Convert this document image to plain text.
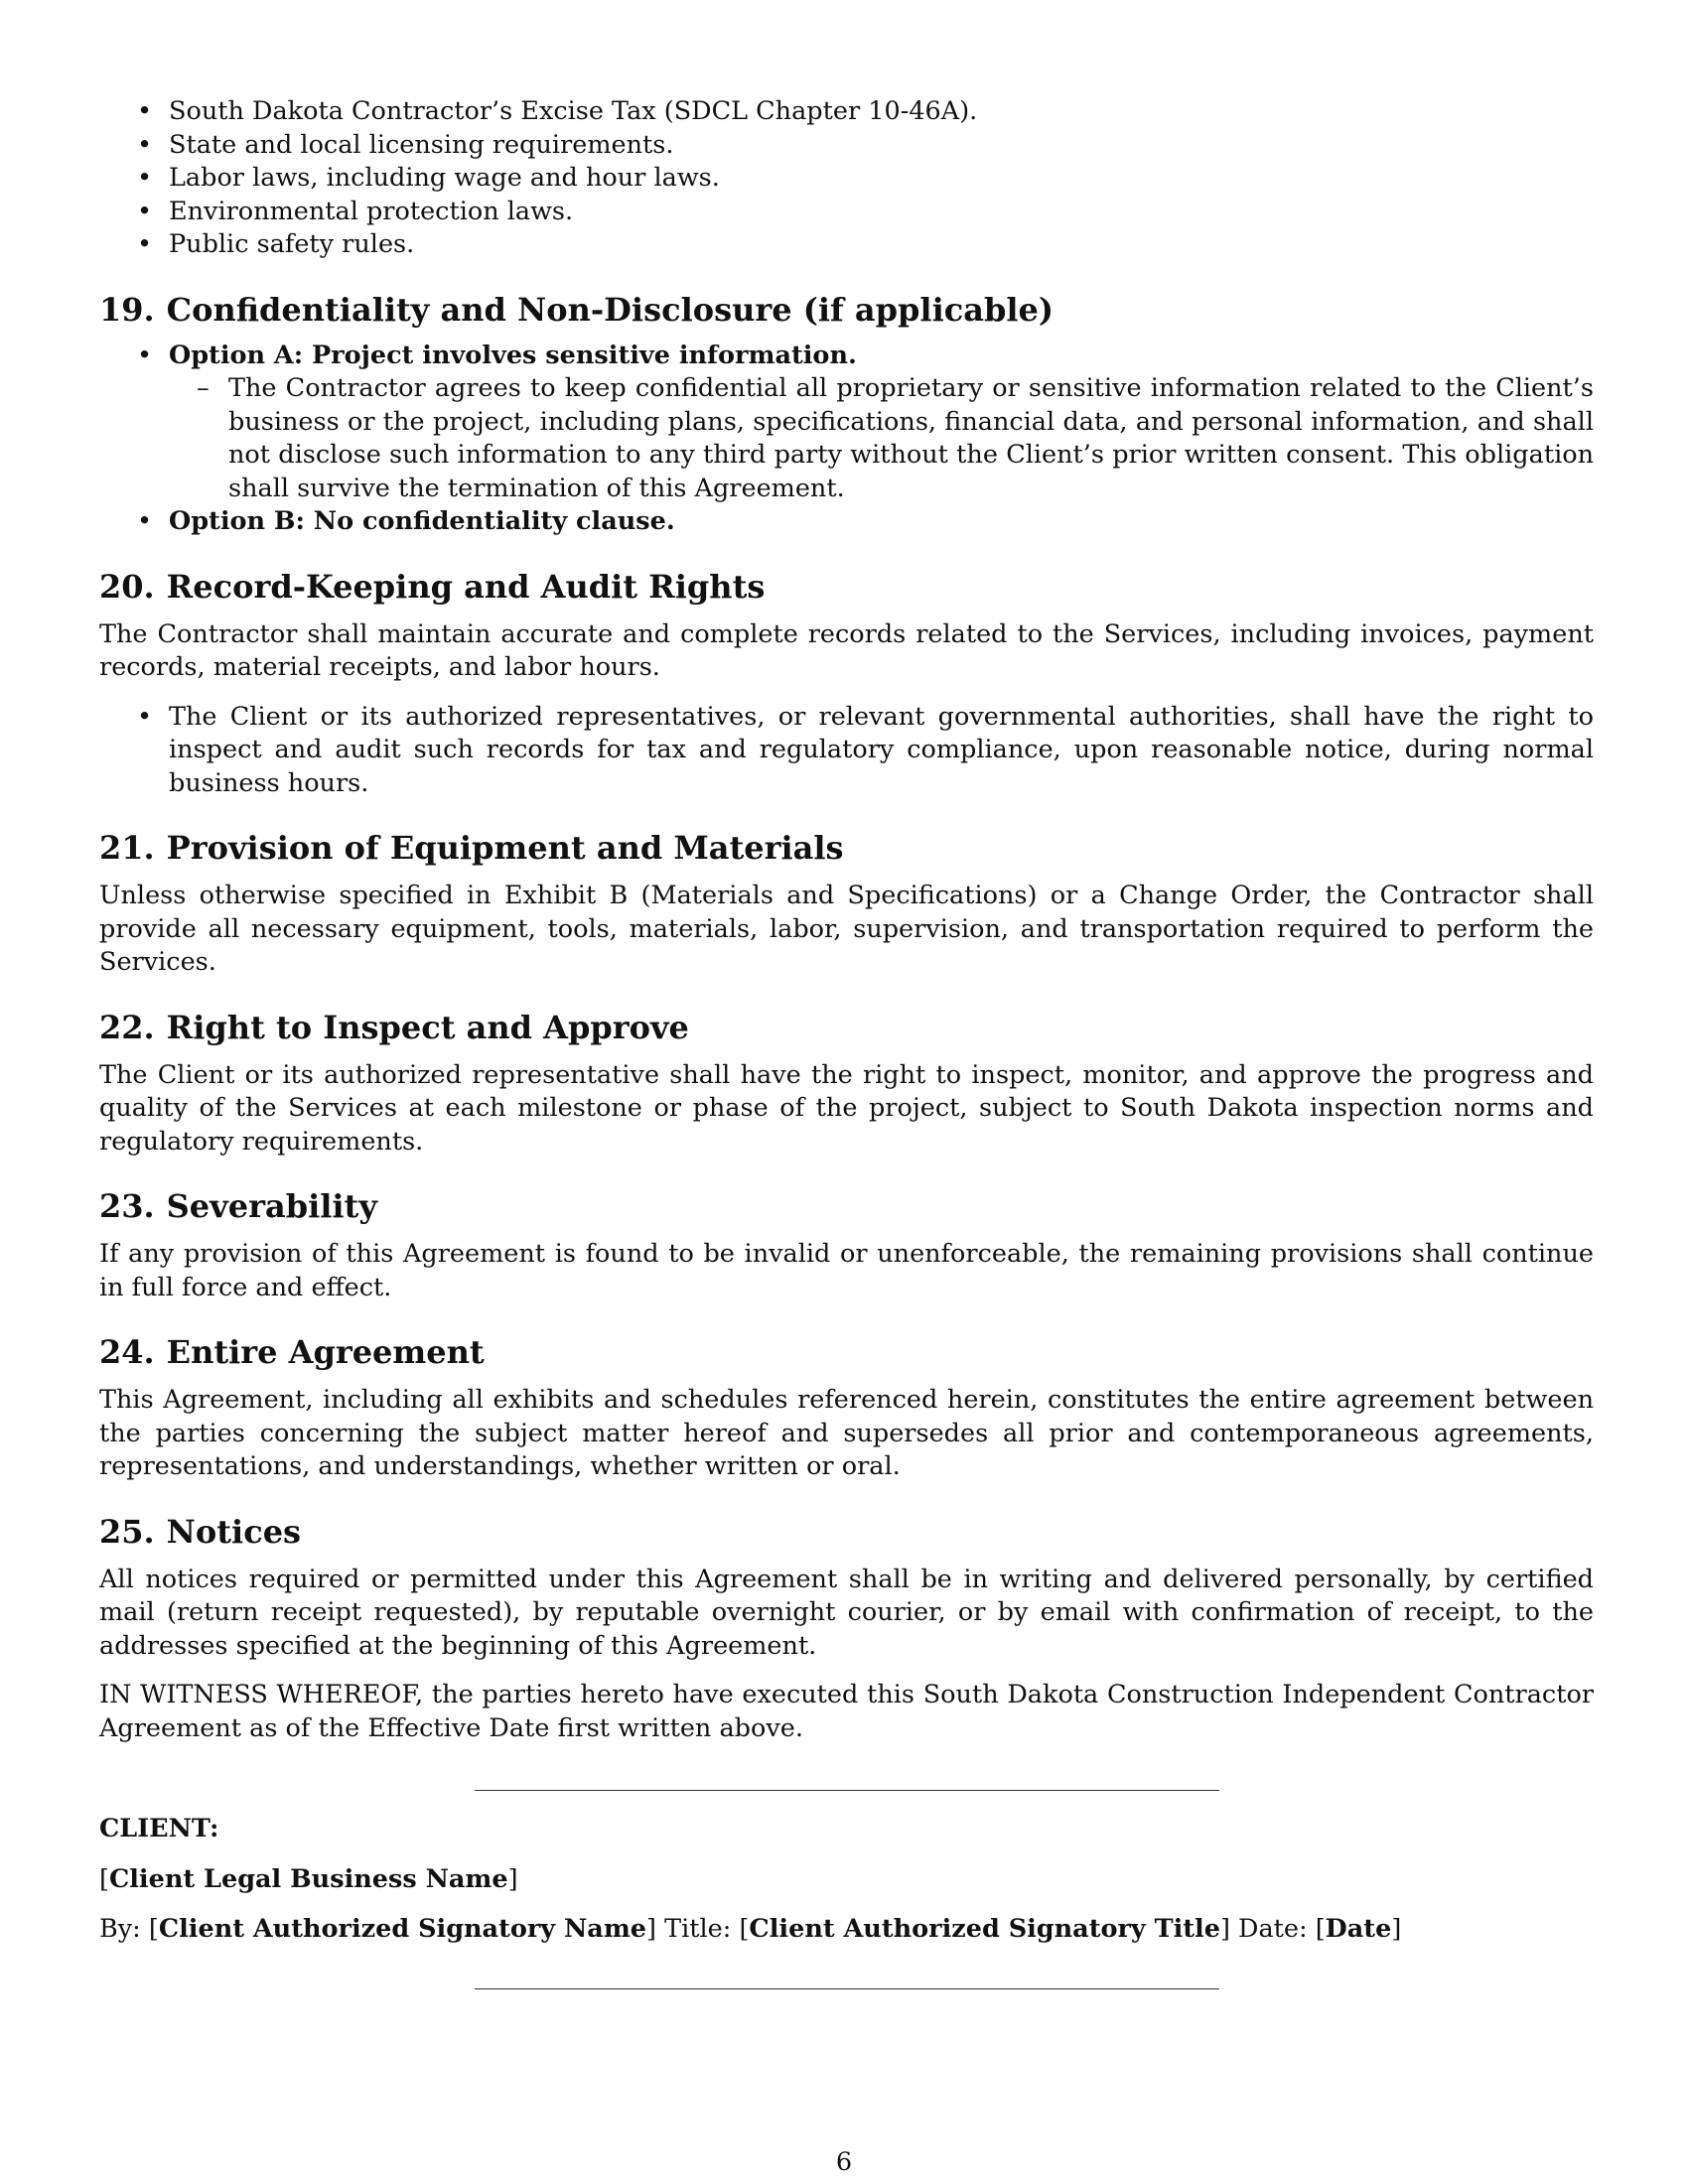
• South Dakota Contractor’s Excise Tax (SDCL Chapter 10-46A).
• State and local licensing requirements.
• Labor laws, including wage and hour laws.
• Environmental protection laws.
• Public safety rules.
19. Confidentiality and Non-Disclosure (if applicable)
• Option A: Project involves sensitive information.
– The Contractor agrees to keep confidential all proprietary or sensitive information related to the Client’s business or the project, including plans, specifications, financial data, and personal information, and shall not disclose such information to any third party without the Client’s prior written consent. This obligation shall survive the termination of this Agreement.
• Option B: No confidentiality clause.
20. Record-Keeping and Audit Rights

The Contractor shall maintain accurate and complete records related to the Services, including invoices, payment records, material receipts, and labor hours.

• The Client or its authorized representatives, or relevant governmental authorities, shall have the right to inspect and audit such records for tax and regulatory compliance, upon reasonable notice, during normal business hours.
21. Provision of Equipment and Materials

Unless otherwise specified in Exhibit B (Materials and Specifications) or a Change Order, the Contractor shall provide all necessary equipment, tools, materials, labor, supervision, and transportation required to perform the Services.

22. Right to Inspect and Approve

The Client or its authorized representative shall have the right to inspect, monitor, and approve the progress and quality of the Services at each milestone or phase of the project, subject to South Dakota inspection norms and regulatory requirements.

23. Severability

If any provision of this Agreement is found to be invalid or unenforceable, the remaining provisions shall continue in full force and effect.

24. Entire Agreement

This Agreement, including all exhibits and schedules referenced herein, constitutes the entire agreement between the parties concerning the subject matter hereof and supersedes all prior and contemporaneous agreements, representations, and understandings, whether written or oral.

25. Notices

All notices required or permitted under this Agreement shall be in writing and delivered personally, by certified mail (return receipt requested), by reputable overnight courier, or by email with confirmation of receipt, to the addresses specified at the beginning of this Agreement.

IN WITNESS WHEREOF, the parties hereto have executed this South Dakota Construction Independent Contractor Agreement as of the Effective Date first written above.

CLIENT:
[Client Legal Business Name]
By: [Client Authorized Signatory Name] Title: [Client Authorized Signatory Title] Date: [Date]
6
